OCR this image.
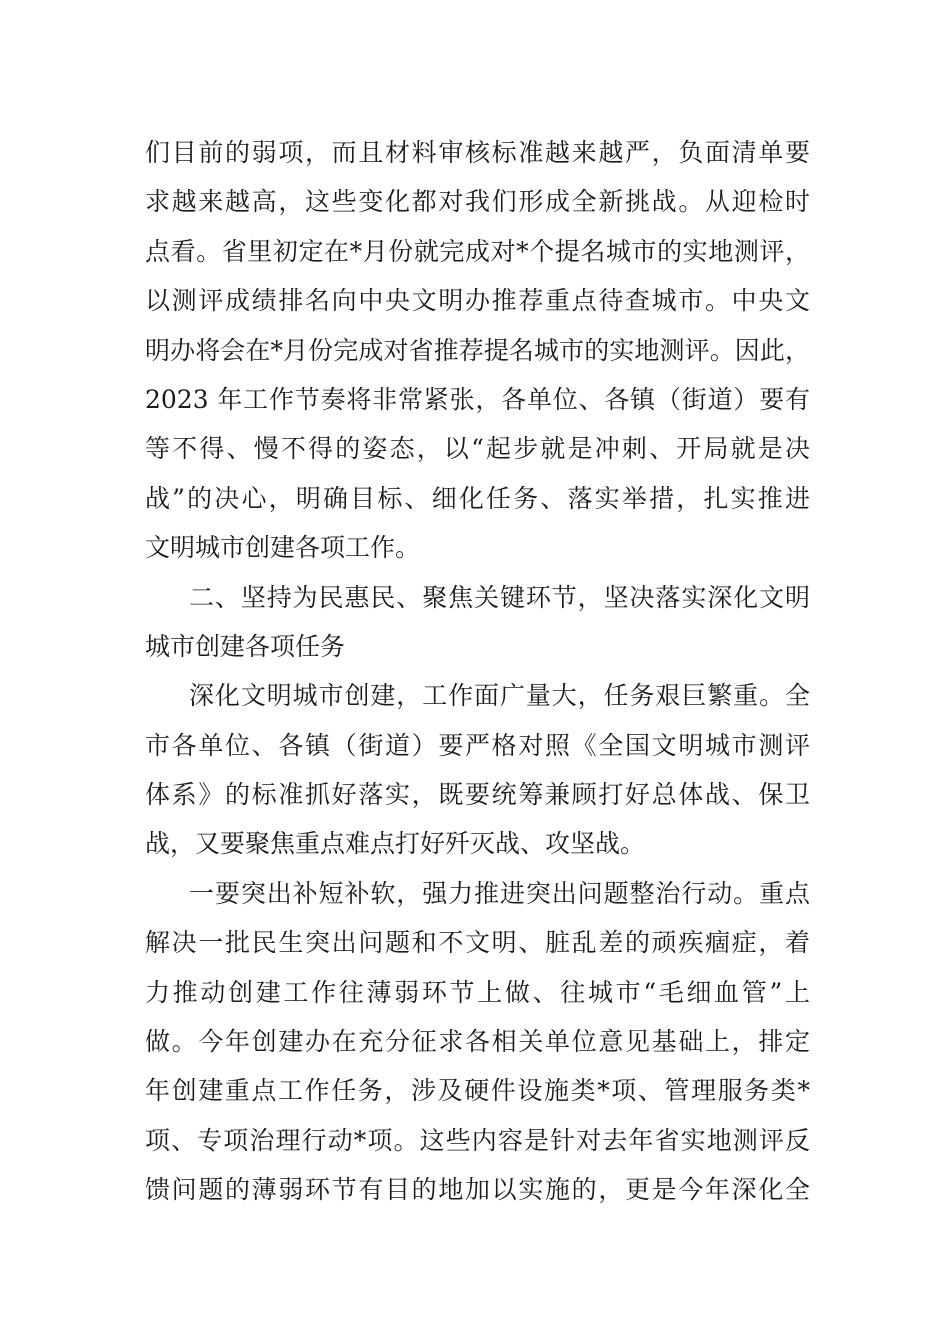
们目前的弱项，而且材料审核标准越来越严，负面清单要
求越来越高，这些变化都对我们形成全新挑战。从迎检时
点看。省里初定在*月份就完成对*个提名城市的实地测评，
以测评成绩排名向中央文明办推荐重点待查城市。中央文
明办将会在*月份完成对省推荐提名城市的实地测评。因此，
2023 年工作节奏将非常紧张，各单位、各镇（街道）要有
等不得、慢不得的姿态，以“起步就是冲刺、开局就是决
战”的决心，明确目标、细化任务、落实举措，扎实推进
文明城市创建各项工作。
二、坚持为民惠民、聚焦关键环节，坚决落实深化文明
城市创建各项任务
深化文明城市创建，工作面广量大，任务艰巨繁重。全
市各单位、各镇（街道）要严格对照《全国文明城市测评
体系》的标准抓好落实，既要统筹兼顾打好总体战、保卫
战，又要聚焦重点难点打好歼灭战、攻坚战。
一要突出补短补软，强力推进突出问题整治行动。重点
解决一批民生突出问题和不文明、脏乱差的顽疾痼症，着
力推动创建工作往薄弱环节上做、往城市“毛细血管”上
做。今年创建办在充分征求各相关单位意见基础上，排定
年创建重点工作任务，涉及硬件设施类*项、管理服务类*
项、专项治理行动*项。这些内容是针对去年省实地测评反
馈问题的薄弱环节有目的地加以实施的，更是今年深化全
